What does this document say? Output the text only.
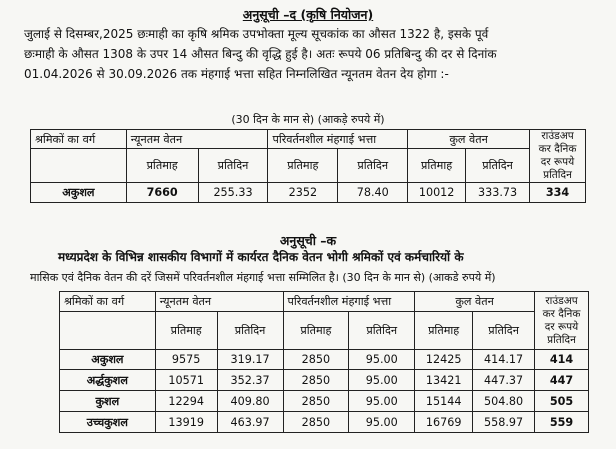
अनुसूची –द (कृषि नियोजन)

जुलाई से दिसम्बर,2025 छःमाही का कृषि श्रमिक उपभोक्ता मूल्य सूचकांक का औसत 1322 है, इसके पूर्व

छःमाही के औसत 1308 के उपर 14 औसत बिन्दु की वृद्धि हुई है। अतः रूपये 06 प्रतिबिन्दु की दर से दिनांक

01.04.2026 से 30.09.2026 तक मंहगाई भत्ता सहित निम्नलिखित न्यूनतम वेतन देय होगा :-

(30 दिन के मान से) (आकड़े रुपये में)
श्रमिकों का वर्ग	न्यूनतम वेतन		परिवर्तनशील मंहगाई भत्ता		कुल वेतन		राउंडअप कर दैनिक दर रूपये प्रतिदिन
	प्रतिमाह	प्रतिदिन	प्रतिमाह	प्रतिदिन	प्रतिमाह	प्रतिदिन	
अकुशल	7660	255.33	2352	78.40	10012	333.73	334
अनुसूची –क
मध्यप्रदेश के विभिन्न शासकीय विभागों में कार्यरत दैनिक वेतन भोगी श्रमिकों एवं कर्मचारियों के
मासिक एवं दैनिक वेतन की दरें जिसमें परिवर्तनशील मंहगाई भत्ता सम्मिलित है। (30 दिन के मान से) (आकडे रुपये में)
श्रमिकों का वर्ग	न्यूनतम वेतन		परिवर्तनशील मंहगाई भत्ता		कुल वेतन		राउंडअप कर दैनिक दर रूपये प्रतिदिन
	प्रतिमाह	प्रतिदिन	प्रतिमाह	प्रतिदिन	प्रतिमाह	प्रतिदिन	
अकुशल	9575	319.17	2850	95.00	12425	414.17	414
अर्द्धकुशल	10571	352.37	2850	95.00	13421	447.37	447
कुशल	12294	409.80	2850	95.00	15144	504.80	505
उच्चकुशल	13919	463.97	2850	95.00	16769	558.97	559
